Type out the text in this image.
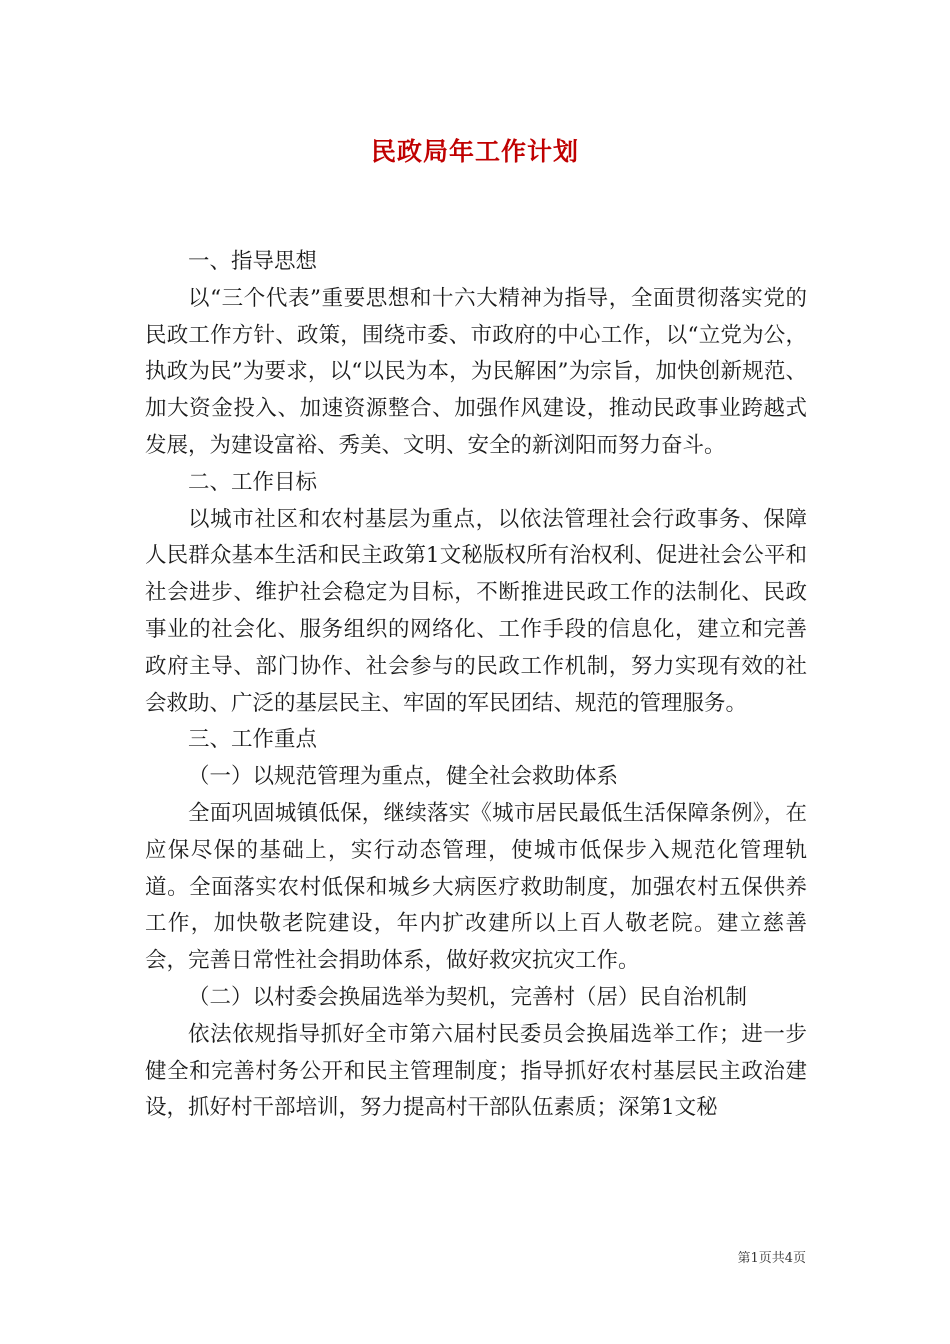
民政局年工作计划

一、指导思想

以“三个代表”重要思想和十六大精神为指导，全面贯彻落实党的民政工作方针、政策，围绕市委、市政府的中心工作，以“立党为公，执政为民”为要求，以“以民为本，为民解困”为宗旨，加快创新规范、加大资金投入、加速资源整合、加强作风建设，推动民政事业跨越式发展，为建设富裕、秀美、文明、安全的新浏阳而努力奋斗。

二、工作目标

以城市社区和农村基层为重点，以依法管理社会行政事务、保障人民群众基本生活和民主政第1文秘版权所有治权利、促进社会公平和社会进步、维护社会稳定为目标，不断推进民政工作的法制化、民政事业的社会化、服务组织的网络化、工作手段的信息化，建立和完善政府主导、部门协作、社会参与的民政工作机制，努力实现有效的社会救助、广泛的基层民主、牢固的军民团结、规范的管理服务。

三、工作重点

（一）以规范管理为重点，健全社会救助体系

全面巩固城镇低保，继续落实《城市居民最低生活保障条例》，在应保尽保的基础上，实行动态管理，使城市低保步入规范化管理轨道。全面落实农村低保和城乡大病医疗救助制度，加强农村五保供养工作，加快敬老院建设，年内扩改建所以上百人敬老院。建立慈善会，完善日常性社会捐助体系，做好救灾抗灾工作。

（二）以村委会换届选举为契机，完善村（居）民自治机制

依法依规指导抓好全市第六届村民委员会换届选举工作；进一步健全和完善村务公开和民主管理制度；指导抓好农村基层民主政治建设，抓好村干部培训，努力提高村干部队伍素质；深第1文秘

第1页共4页
